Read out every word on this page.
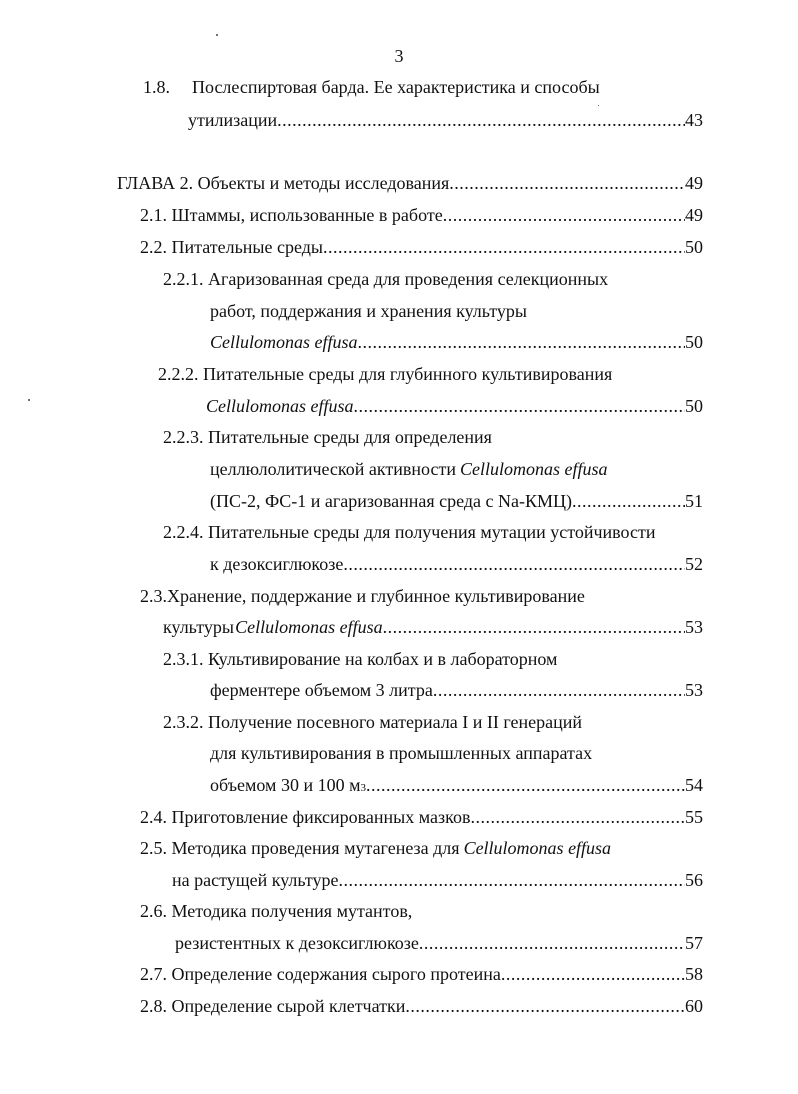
3
1.8. Послеспиртовая барда. Ее характеристика и способы
утилизации .....	43
ГЛАВА 2. Объекты и методы исследования .....	49
2.1. Штаммы, использованные в работе .....	49
2.2. Питательные среды .....	50
2.2.1. Агаризованная среда для проведения селекционных
работ, поддержания и хранения культуры
Cellulomonas effusa .....	50
2.2.2. Питательные среды для глубинного культивирования
Cellulomonas effusa .....	50
2.2.3. Питательные среды для определения
целлюлолитической активности Cellulomonas effusa
(ПС-2, ФС-1 и агаризованная среда с Na-КМЦ) .....	51
2.2.4. Питательные среды для получения мутации устойчивости
к дезоксиглюкозе .....	52
2.3.Хранение, поддержание и глубинное культивирование
культуры Cellulomonas effusa .....	53
2.3.1. Культивирование на колбах и в лабораторном
ферментере объемом 3 литра .....	53
2.3.2. Получение посевного материала I и II генераций
для культивирования в промышленных аппаратах
объемом 30 и 100 м 3 .....	54
2.4. Приготовление фиксированных мазков .....	55
2.5. Методика проведения мутагенеза для Cellulomonas effusa
на растущей культуре .....	56
2.6. Методика получения мутантов,
резистентных к дезоксиглюкозе .....	57
2.7. Определение содержания сырого протеина .....	58
2.8. Определение сырой клетчатки .....	60
